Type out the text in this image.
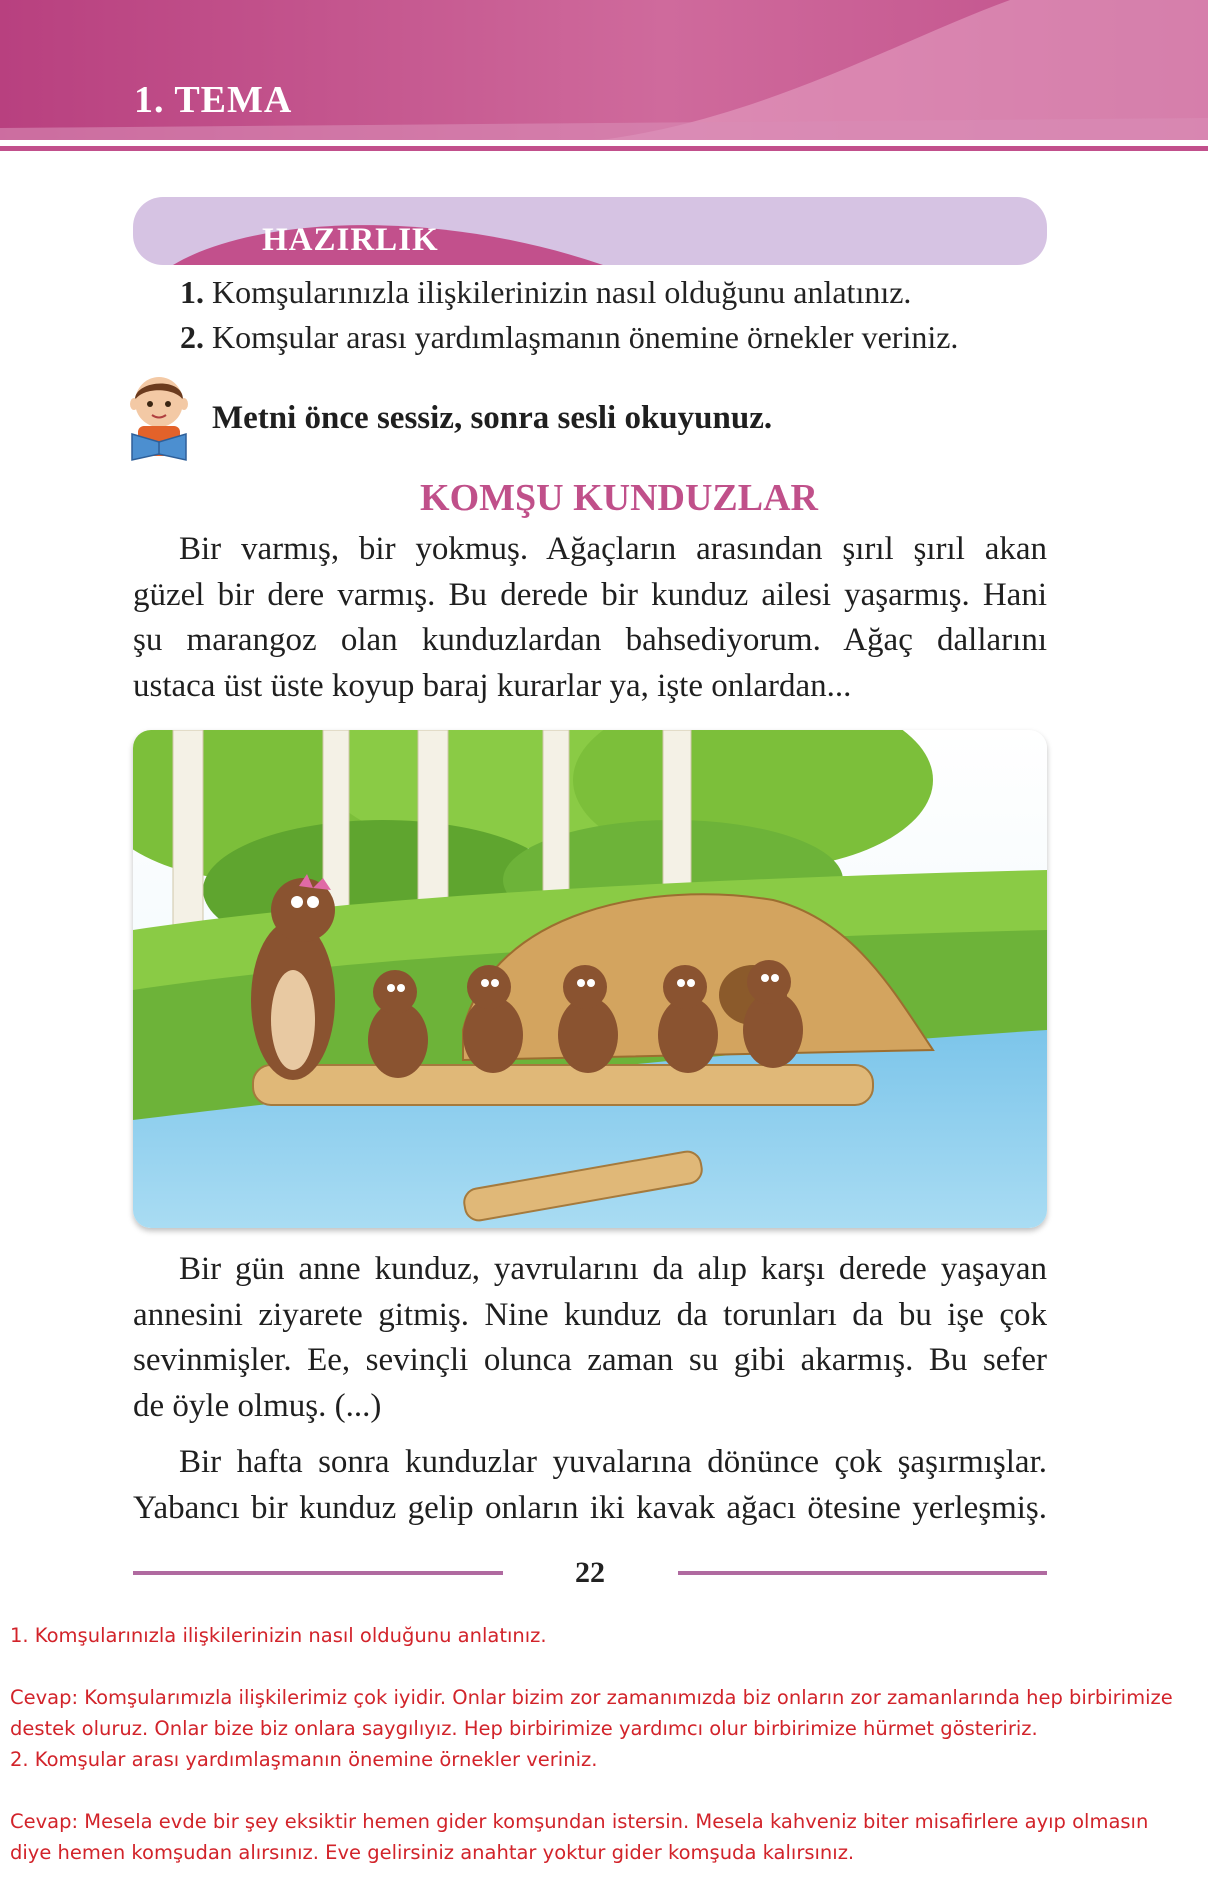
1. TEMA
HAZIRLIK
1. Komşularınızla ilişkilerinizin nasıl olduğunu anlatınız.
2. Komşular arası yardımlaşmanın önemine örnekler veriniz.
Metni önce sessiz, sonra sesli okuyunuz.
KOMŞU KUNDUZLAR
Bir varmış, bir yokmuş. Ağaçların arasından şırıl şırıl akan
güzel bir dere varmış. Bu derede bir kunduz ailesi yaşarmış. Hani
şu marangoz olan kunduzlardan bahsediyorum. Ağaç dallarını
ustaca üst üste koyup baraj kurarlar ya, işte onlardan...
Bir gün anne kunduz, yavrularını da alıp karşı derede yaşayan
annesini ziyarete gitmiş. Nine kunduz da torunları da bu işe çok
sevinmişler. Ee, sevinçli olunca zaman su gibi akarmış. Bu sefer
de öyle olmuş. (...)
Bir hafta sonra kunduzlar yuvalarına dönünce çok şaşırmışlar.
Yabancı bir kunduz gelip onların iki kavak ağacı ötesine yerleşmiş.
22

1. Komşularınızla ilişkilerinizin nasıl olduğunu anlatınız.

Cevap: Komşularımızla ilişkilerimiz çok iyidir. Onlar bizim zor zamanımızda biz onların zor zamanlarında hep birbirimize destek oluruz. Onlar bize biz onlara saygılıyız. Hep birbirimize yardımcı olur birbirimize hürmet gösteririz.

2. Komşular arası yardımlaşmanın önemine örnekler veriniz.

Cevap: Mesela evde bir şey eksiktir hemen gider komşundan istersin. Mesela kahveniz biter misafirlere ayıp olmasın diye hemen komşudan alırsınız. Eve gelirsiniz anahtar yoktur gider komşuda kalırsınız.
